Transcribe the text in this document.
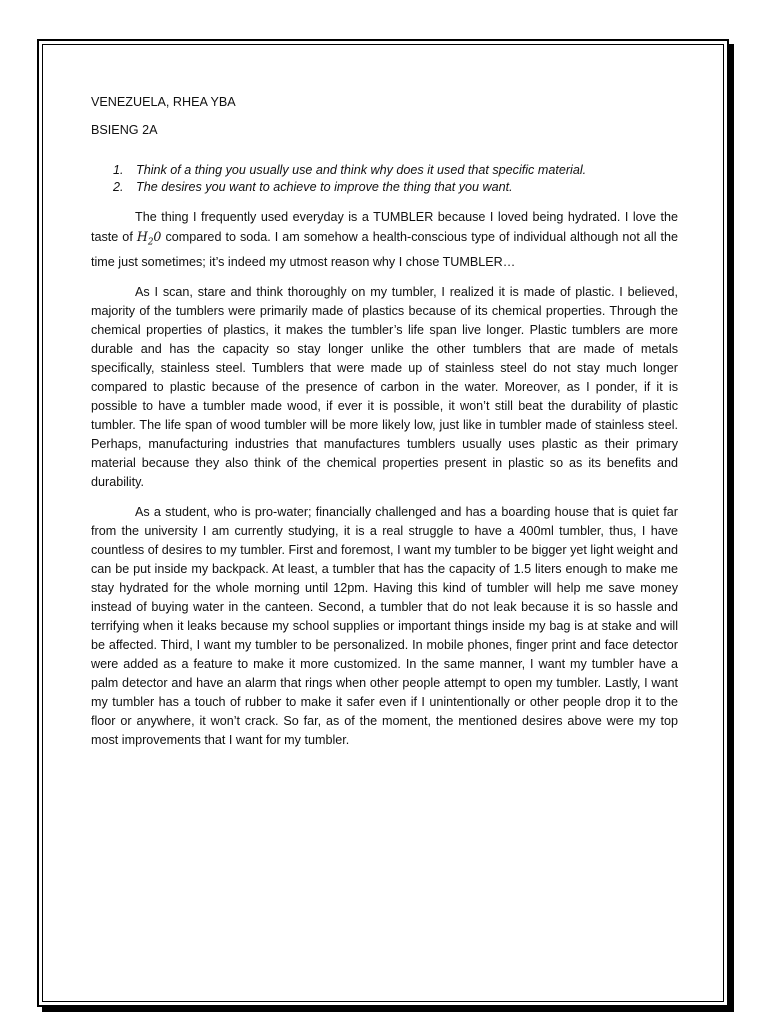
VENEZUELA, RHEA YBA

BSIENG 2A

1. Think of a thing you usually use and think why does it used that specific material.
2. The desires you want to achieve to improve the thing that you want.

The thing I frequently used everyday is a TUMBLER because I loved being hydrated. I love the taste of $H_20$ compared to soda. I am somehow a health-conscious type of individual although not all the time just sometimes; it’s indeed my utmost reason why I chose TUMBLER…

As I scan, stare and think thoroughly on my tumbler, I realized it is made of plastic. I believed, majority of the tumblers were primarily made of plastics because of its chemical properties. Through the chemical properties of plastics, it makes the tumbler’s life span live longer. Plastic tumblers are more durable and has the capacity so stay longer unlike the other tumblers that are made of metals specifically, stainless steel. Tumblers that were made up of stainless steel do not stay much longer compared to plastic because of the presence of carbon in the water. Moreover, as I ponder, if it is possible to have a tumbler made wood, if ever it is possible, it won’t still beat the durability of plastic tumbler. The life span of wood tumbler will be more likely low, just like in tumbler made of stainless steel. Perhaps, manufacturing industries that manufactures tumblers usually uses plastic as their primary material because they also think of the chemical properties present in plastic so as its benefits and durability.

As a student, who is pro-water; financially challenged and has a boarding house that is quiet far from the university I am currently studying, it is a real struggle to have a 400ml tumbler, thus, I have countless of desires to my tumbler. First and foremost, I want my tumbler to be bigger yet light weight and can be put inside my backpack. At least, a tumbler that has the capacity of 1.5 liters enough to make me stay hydrated for the whole morning until 12pm. Having this kind of tumbler will help me save money instead of buying water in the canteen. Second, a tumbler that do not leak because it is so hassle and terrifying when it leaks because my school supplies or important things inside my bag is at stake and will be affected. Third, I want my tumbler to be personalized. In mobile phones, finger print and face detector were added as a feature to make it more customized. In the same manner, I want my tumbler have a palm detector and have an alarm that rings when other people attempt to open my tumbler. Lastly, I want my tumbler has a touch of rubber to make it safer even if I unintentionally or other people drop it to the floor or anywhere, it won’t crack. So far, as of the moment, the mentioned desires above were my top most improvements that I want for my tumbler.
